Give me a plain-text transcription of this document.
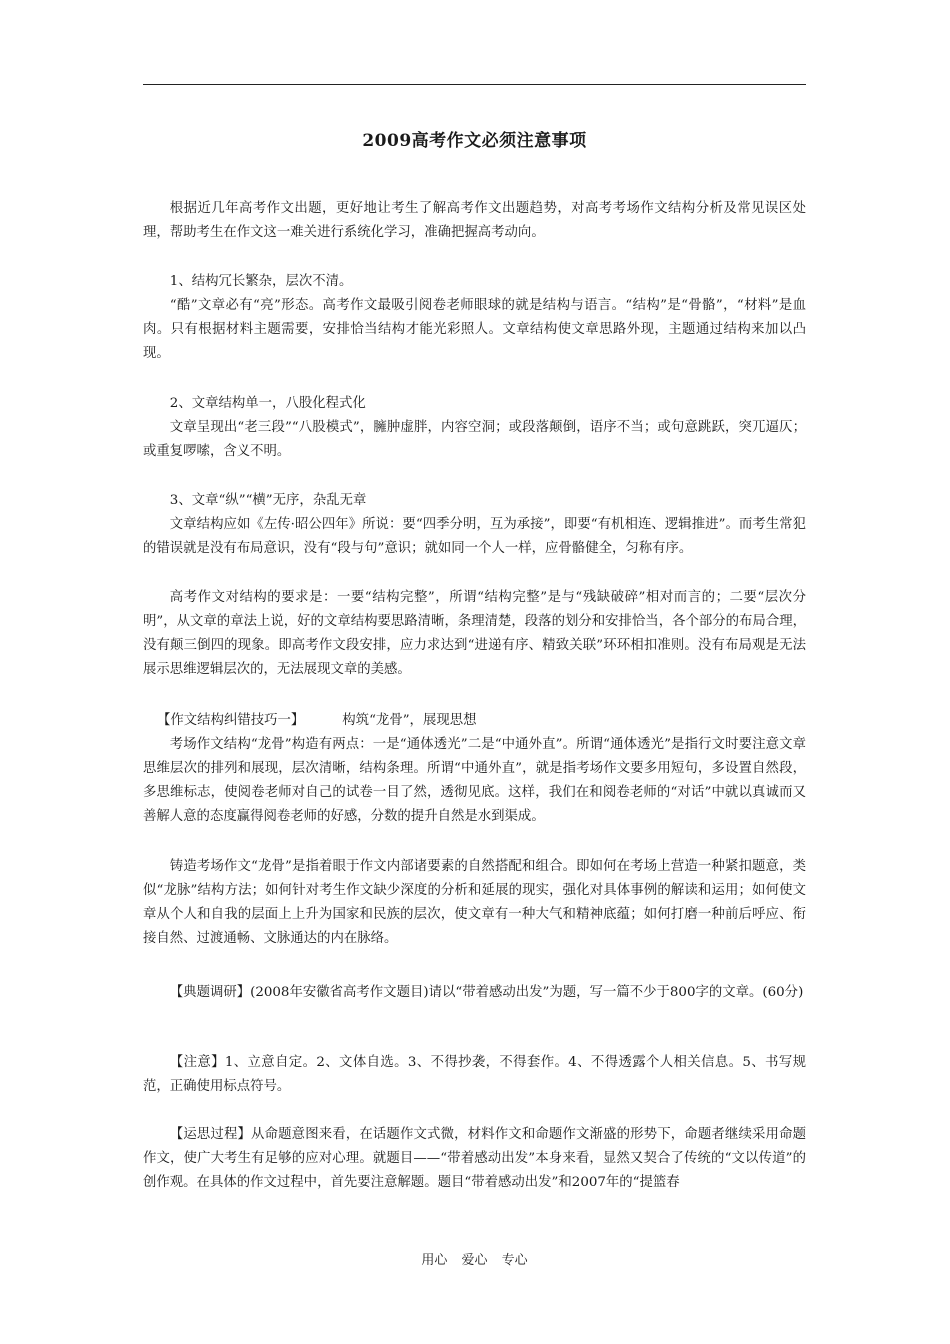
2009高考作文必须注意事项

根据近几年高考作文出题，更好地让考生了解高考作文出题趋势，对高考考场作文结构分析及常见误区处理，帮助考生在作文这一难关进行系统化学习，准确把握高考动向。

1、结构冗长繁杂，层次不清。

“酷”文章必有“亮”形态。高考作文最吸引阅卷老师眼球的就是结构与语言。“结构”是“骨骼”，“材料”是血肉。只有根据材料主题需要，安排恰当结构才能光彩照人。文章结构使文章思路外现，主题通过结构来加以凸现。

2、文章结构单一，八股化程式化

文章呈现出“老三段”“八股模式”，臃肿虚胖，内容空洞；或段落颠倒，语序不当；或句意跳跃，突兀逼仄；或重复啰嗦，含义不明。

3、文章“纵”“横”无序，杂乱无章

文章结构应如《左传·昭公四年》所说：要“四季分明，互为承接”，即要“有机相连、逻辑推进”。而考生常犯的错误就是没有布局意识，没有“段与句”意识；就如同一个人一样，应骨骼健全，匀称有序。

高考作文对结构的要求是：一要“结构完整”，所谓“结构完整”是与“残缺破碎”相对而言的；二要“层次分明”，从文章的章法上说，好的文章结构要思路清晰，条理清楚，段落的划分和安排恰当，各个部分的布局合理，没有颠三倒四的现象。即高考作文段安排，应力求达到“进递有序、精致关联”环环相扣准则。没有布局观是无法展示思维逻辑层次的，无法展现文章的美感。

【作文结构纠错技巧一】	构筑“龙骨”，展现思想

考场作文结构“龙骨”构造有两点：一是“通体透光”二是“中通外直”。所谓“通体透光”是指行文时要注意文章思维层次的排列和展现，层次清晰，结构条理。所谓“中通外直”，就是指考场作文要多用短句，多设置自然段，多思维标志，使阅卷老师对自己的试卷一目了然，透彻见底。这样，我们在和阅卷老师的“对话”中就以真诚而又善解人意的态度赢得阅卷老师的好感，分数的提升自然是水到渠成。

铸造考场作文“龙骨”是指着眼于作文内部诸要素的自然搭配和组合。即如何在考场上营造一种紧扣题意，类似“龙脉”结构方法；如何针对考生作文缺少深度的分析和延展的现实，强化对具体事例的解读和运用；如何使文章从个人和自我的层面上上升为国家和民族的层次，使文章有一种大气和精神底蕴；如何打磨一种前后呼应、衔接自然、过渡通畅、文脉通达的内在脉络。

【典题调研】(2008年安徽省高考作文题目)请以“带着感动出发”为题，写一篇不少于800字的文章。(60分)

【注意】1、立意自定。2、文体自选。3、不得抄袭，不得套作。4、不得透露个人相关信息。5、书写规范，正确使用标点符号。

【运思过程】从命题意图来看，在话题作文式微，材料作文和命题作文渐盛的形势下，命题者继续采用命题作文，使广大考生有足够的应对心理。就题目——“带着感动出发”本身来看，显然又契合了传统的“文以传道”的创作观。在具体的作文过程中，首先要注意解题。题目“带着感动出发”和2007年的“提篮春

用心 爱心 专心
